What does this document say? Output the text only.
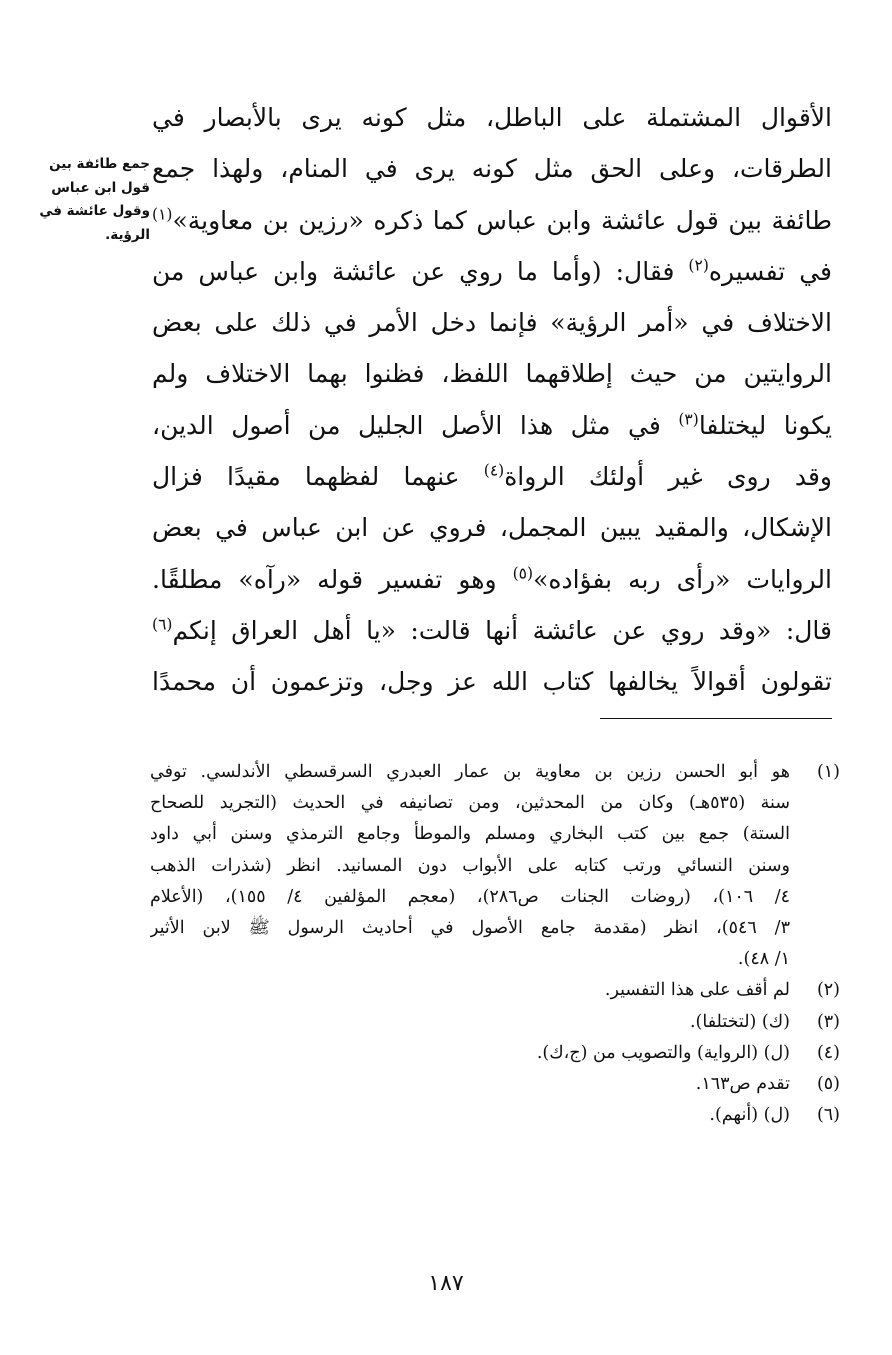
جمع طائفة بين
قول ابن عباس
وقول عائشة في
الرؤية.
الأقوال المشتملة على الباطل، مثل كونه يرى بالأبصار في
الطرقات، وعلى الحق مثل كونه يرى في المنام، ولهذا جمع
طائفة بين قول عائشة وابن عباس كما ذكره «رزين بن معاوية»$^{(١)}$
في تفسيره$^{(٢)}$ فقال: (وأما ما روي عن عائشة وابن عباس من
الاختلاف في «أمر الرؤية» فإنما دخل الأمر في ذلك على بعض
الروايتين من حيث إطلاقهما اللفظ، فظنوا بهما الاختلاف ولم
يكونا ليختلفا$^{(٣)}$ في مثل هذا الأصل الجليل من أصول الدين،
وقد روى غير أولئك الرواة$^{(٤)}$ عنهما لفظهما مقيدًا فزال
الإشكال، والمقيد يبين المجمل، فروي عن ابن عباس في بعض
الروايات «رأى ربه بفؤاده»$^{(٥)}$ وهو تفسير قوله «رآه» مطلقًا.
قال: «وقد روي عن عائشة أنها قالت: «يا أهل العراق إنكم$^{(٦)}$
تقولون أقوالاً يخالفها كتاب الله عز وجل، وتزعمون أن محمدًا
(١)
هو أبو الحسن رزين بن معاوية بن عمار العبدري السرقسطي الأندلسي. توفي
سنة (٥٣٥هـ) وكان من المحدثين، ومن تصانيفه في الحديث (التجريد للصحاح
الستة) جمع بين كتب البخاري ومسلم والموطأ وجامع الترمذي وسنن أبي داود
وسنن النسائي ورتب كتابه على الأبواب دون المسانيد. انظر (شذرات الذهب
٤/ ١٠٦)، (روضات الجنات ص٢٨٦)، (معجم المؤلفين ٤/ ١٥٥)، (الأعلام
٣/ ٥٤٦)، انظر (مقدمة جامع الأصول في أحاديث الرسول ﷺ لابن الأثير
١/ ٤٨).
(٢)
لم أقف على هذا التفسير.
(٣)
(ك) (لتختلفا).
(٤)
(ل) (الرواية) والتصويب من (ج،ك).
(٥)
تقدم ص١٦٣.
(٦)
(ل) (أنهم).
١٨٧
